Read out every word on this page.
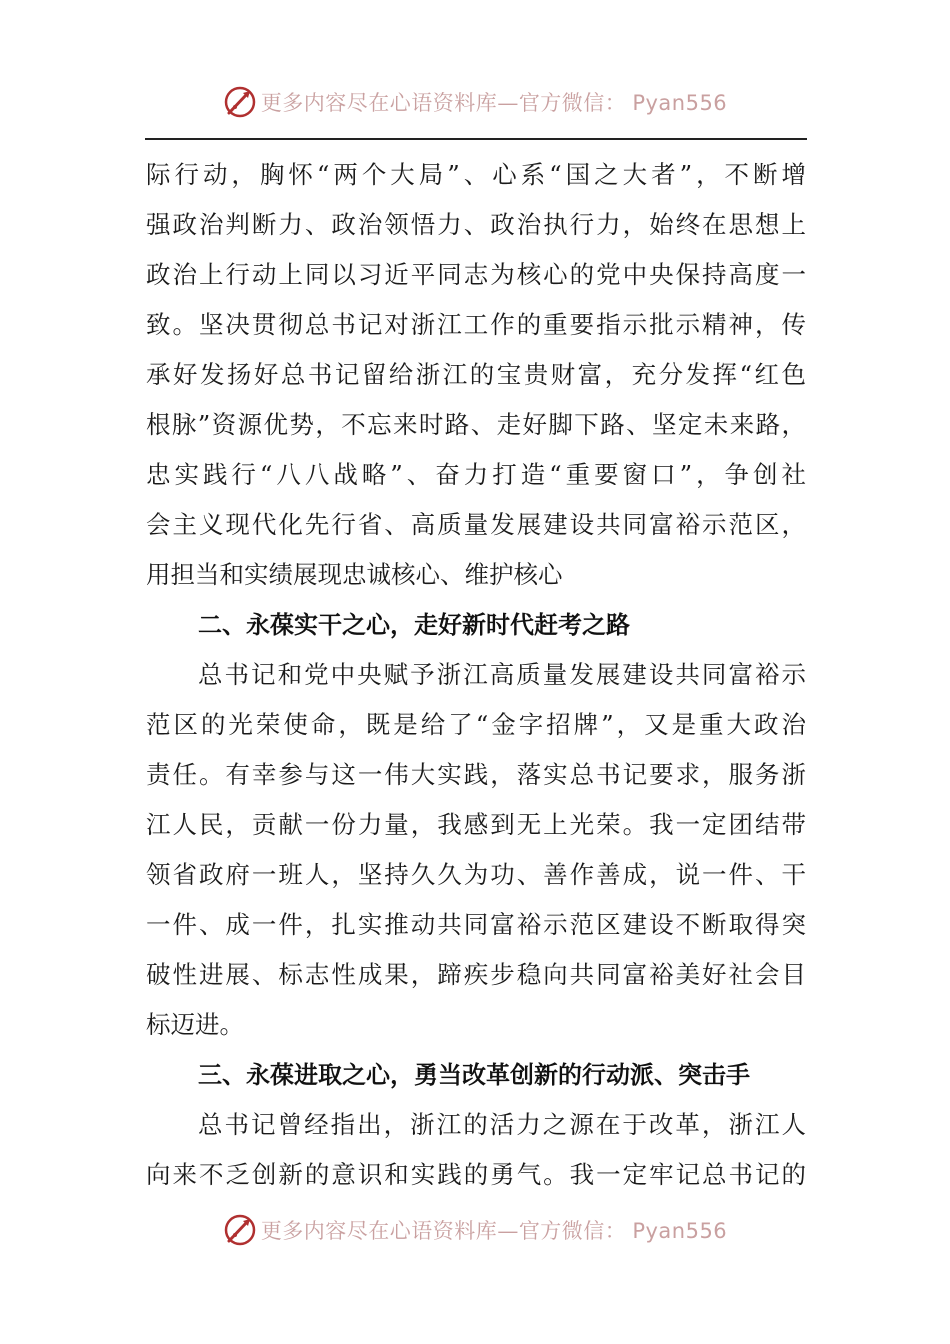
更多内容尽在心语资料库—官方微信： Pyan556
际行动，胸怀“两个大局”、心系“国之大者”，不断增
强政治判断力、政治领悟力、政治执行力，始终在思想上
政治上行动上同以习近平同志为核心的党中央保持高度一
致。坚决贯彻总书记对浙江工作的重要指示批示精神，传
承好发扬好总书记留给浙江的宝贵财富，充分发挥“红色
根脉”资源优势，不忘来时路、走好脚下路、坚定未来路，
忠实践行“八八战略”、奋力打造“重要窗口”，争创社
会主义现代化先行省、高质量发展建设共同富裕示范区，
用担当和实绩展现忠诚核心、维护核心
二、永葆实干之心，走好新时代赶考之路
总书记和党中央赋予浙江高质量发展建设共同富裕示
范区的光荣使命，既是给了“金字招牌”，又是重大政治
责任。有幸参与这一伟大实践，落实总书记要求，服务浙
江人民，贡献一份力量，我感到无上光荣。我一定团结带
领省政府一班人，坚持久久为功、善作善成，说一件、干
一件、成一件，扎实推动共同富裕示范区建设不断取得突
破性进展、标志性成果，蹄疾步稳向共同富裕美好社会目
标迈进。
三、永葆进取之心，勇当改革创新的行动派、突击手
总书记曾经指出，浙江的活力之源在于改革，浙江人
向来不乏创新的意识和实践的勇气。我一定牢记总书记的
更多内容尽在心语资料库—官方微信： Pyan556
